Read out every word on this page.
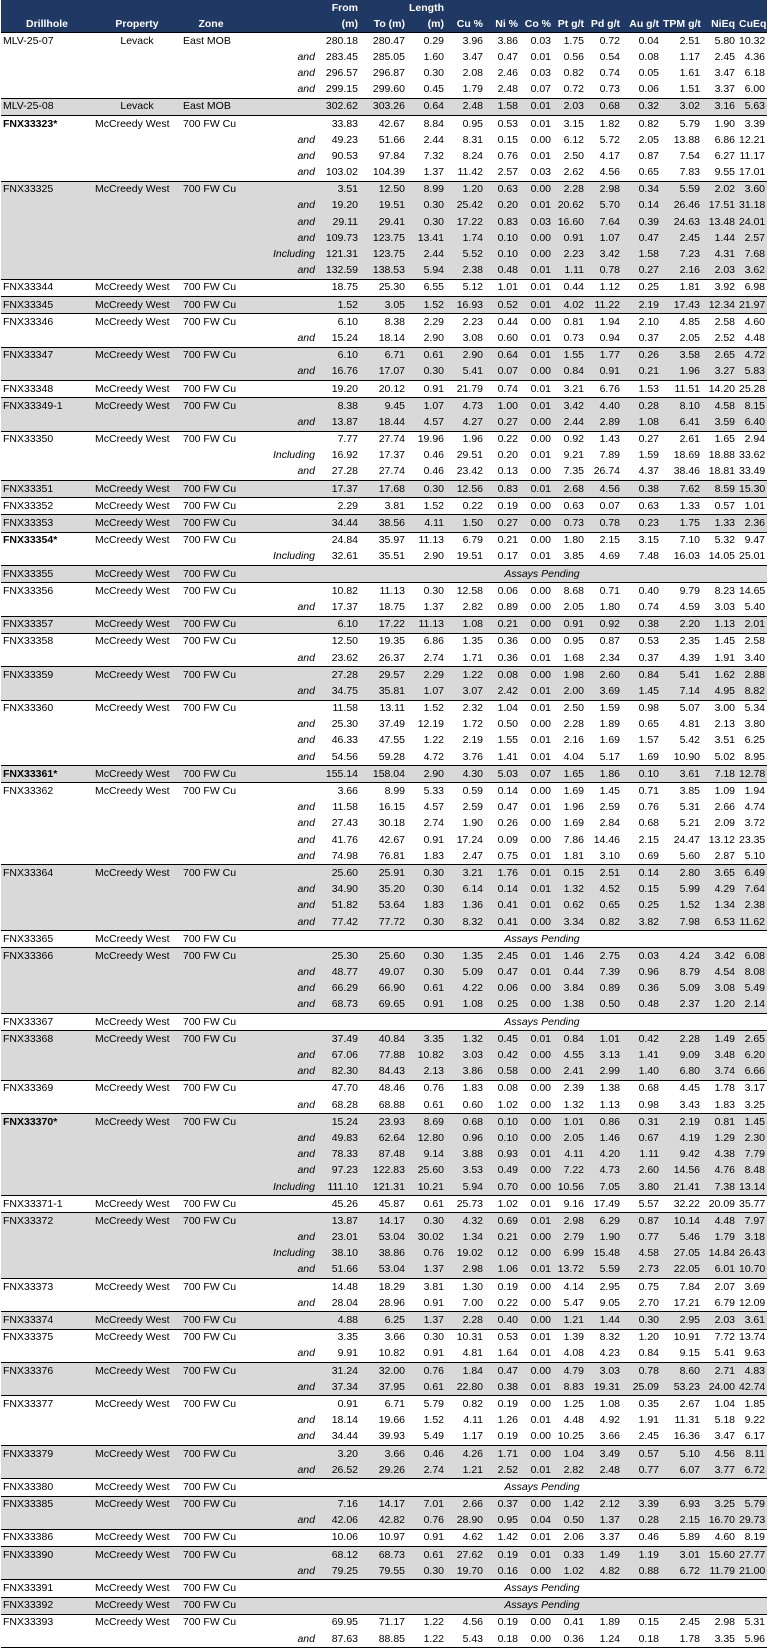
				From		Length									
Drillhole	Property	Zone		(m)	To (m)	(m)	Cu %	Ni %	Co %	Pt g/t	Pd g/t	Au g/t	TPM g/t	NiEq	CuEq
MLV-25-07	Levack	East MOB		280.18	280.47	0.29	3.96	3.86	0.03	1.75	0.72	0.04	2.51	5.80	10.32
			and	283.45	285.05	1.60	3.47	0.47	0.01	0.56	0.54	0.08	1.17	2.45	4.36
			and	296.57	296.87	0.30	2.08	2.46	0.03	0.82	0.74	0.05	1.61	3.47	6.18
			and	299.15	299.60	0.45	1.79	2.48	0.07	0.72	0.73	0.06	1.51	3.37	6.00
MLV-25-08	Levack	East MOB		302.62	303.26	0.64	2.48	1.58	0.01	2.03	0.68	0.32	3.02	3.16	5.63
FNX33323*	McCreedy West	700 FW Cu		33.83	42.67	8.84	0.95	0.53	0.01	3.15	1.82	0.82	5.79	1.90	3.39
			and	49.23	51.66	2.44	8.31	0.15	0.00	6.12	5.72	2.05	13.88	6.86	12.21
			and	90.53	97.84	7.32	8.24	0.76	0.01	2.50	4.17	0.87	7.54	6.27	11.17
			and	103.02	104.39	1.37	11.42	2.57	0.03	2.62	4.56	0.65	7.83	9.55	17.01
FNX33325	McCreedy West	700 FW Cu		3.51	12.50	8.99	1.20	0.63	0.00	2.28	2.98	0.34	5.59	2.02	3.60
			and	19.20	19.51	0.30	25.42	0.20	0.01	20.62	5.70	0.14	26.46	17.51	31.18
			and	29.11	29.41	0.30	17.22	0.83	0.03	16.60	7.64	0.39	24.63	13.48	24.01
			and	109.73	123.75	13.41	1.74	0.10	0.00	0.91	1.07	0.47	2.45	1.44	2.57
			Including	121.31	123.75	2.44	5.52	0.10	0.00	2.23	3.42	1.58	7.23	4.31	7.68
			and	132.59	138.53	5.94	2.38	0.48	0.01	1.11	0.78	0.27	2.16	2.03	3.62
FNX33344	McCreedy West	700 FW Cu		18.75	25.30	6.55	5.12	1.01	0.01	0.44	1.12	0.25	1.81	3.92	6.98
FNX33345	McCreedy West	700 FW Cu		1.52	3.05	1.52	16.93	0.52	0.01	4.02	11.22	2.19	17.43	12.34	21.97
FNX33346	McCreedy West	700 FW Cu		6.10	8.38	2.29	2.23	0.44	0.00	0.81	1.94	2.10	4.85	2.58	4.60
			and	15.24	18.14	2.90	3.08	0.60	0.01	0.73	0.94	0.37	2.05	2.52	4.48
FNX33347	McCreedy West	700 FW Cu		6.10	6.71	0.61	2.90	0.64	0.01	1.55	1.77	0.26	3.58	2.65	4.72
			and	16.76	17.07	0.30	5.41	0.07	0.00	0.84	0.91	0.21	1.96	3.27	5.83
FNX33348	McCreedy West	700 FW Cu		19.20	20.12	0.91	21.79	0.74	0.01	3.21	6.76	1.53	11.51	14.20	25.28
FNX33349-1	McCreedy West	700 FW Cu		8.38	9.45	1.07	4.73	1.00	0.01	3.42	4.40	0.28	8.10	4.58	8.15
			and	13.87	18.44	4.57	4.27	0.27	0.00	2.44	2.89	1.08	6.41	3.59	6.40
FNX33350	McCreedy West	700 FW Cu		7.77	27.74	19.96	1.96	0.22	0.00	0.92	1.43	0.27	2.61	1.65	2.94
			Including	16.92	17.37	0.46	29.51	0.20	0.01	9.21	7.89	1.59	18.69	18.88	33.62
			and	27.28	27.74	0.46	23.42	0.13	0.00	7.35	26.74	4.37	38.46	18.81	33.49
FNX33351	McCreedy West	700 FW Cu		17.37	17.68	0.30	12.56	0.83	0.01	2.68	4.56	0.38	7.62	8.59	15.30
FNX33352	McCreedy West	700 FW Cu		2.29	3.81	1.52	0.22	0.19	0.00	0.63	0.07	0.63	1.33	0.57	1.01
FNX33353	McCreedy West	700 FW Cu		34.44	38.56	4.11	1.50	0.27	0.00	0.73	0.78	0.23	1.75	1.33	2.36
FNX33354*	McCreedy West	700 FW Cu		24.84	35.97	11.13	6.79	0.21	0.00	1.80	2.15	3.15	7.10	5.32	9.47
			Including	32.61	35.51	2.90	19.51	0.17	0.01	3.85	4.69	7.48	16.03	14.05	25.01
FNX33355	McCreedy West	700 FW Cu		Assays Pending											
FNX33356	McCreedy West	700 FW Cu		10.82	11.13	0.30	12.58	0.06	0.00	8.68	0.71	0.40	9.79	8.23	14.65
			and	17.37	18.75	1.37	2.82	0.89	0.00	2.05	1.80	0.74	4.59	3.03	5.40
FNX33357	McCreedy West	700 FW Cu		6.10	17.22	11.13	1.08	0.21	0.00	0.91	0.92	0.38	2.20	1.13	2.01
FNX33358	McCreedy West	700 FW Cu		12.50	19.35	6.86	1.35	0.36	0.00	0.95	0.87	0.53	2.35	1.45	2.58
			and	23.62	26.37	2.74	1.71	0.36	0.01	1.68	2.34	0.37	4.39	1.91	3.40
FNX33359	McCreedy West	700 FW Cu		27.28	29.57	2.29	1.22	0.08	0.00	1.98	2.60	0.84	5.41	1.62	2.88
			and	34.75	35.81	1.07	3.07	2.42	0.01	2.00	3.69	1.45	7.14	4.95	8.82
FNX33360	McCreedy West	700 FW Cu		11.58	13.11	1.52	2.32	1.04	0.01	2.50	1.59	0.98	5.07	3.00	5.34
			and	25.30	37.49	12.19	1.72	0.50	0.00	2.28	1.89	0.65	4.81	2.13	3.80
			and	46.33	47.55	1.22	2.19	1.55	0.01	2.16	1.69	1.57	5.42	3.51	6.25
			and	54.56	59.28	4.72	3.76	1.41	0.01	4.04	5.17	1.69	10.90	5.02	8.95
FNX33361*	McCreedy West	700 FW Cu		155.14	158.04	2.90	4.30	5.03	0.07	1.65	1.86	0.10	3.61	7.18	12.78
FNX33362	McCreedy West	700 FW Cu		3.66	8.99	5.33	0.59	0.14	0.00	1.69	1.45	0.71	3.85	1.09	1.94
			and	11.58	16.15	4.57	2.59	0.47	0.01	1.96	2.59	0.76	5.31	2.66	4.74
			and	27.43	30.18	2.74	1.90	0.26	0.00	1.69	2.84	0.68	5.21	2.09	3.72
			and	41.76	42.67	0.91	17.24	0.09	0.00	7.86	14.46	2.15	24.47	13.12	23.35
			and	74.98	76.81	1.83	2.47	0.75	0.01	1.81	3.10	0.69	5.60	2.87	5.10
FNX33364	McCreedy West	700 FW Cu		25.60	25.91	0.30	3.21	1.76	0.01	0.15	2.51	0.14	2.80	3.65	6.49
			and	34.90	35.20	0.30	6.14	0.14	0.01	1.32	4.52	0.15	5.99	4.29	7.64
			and	51.82	53.64	1.83	1.36	0.41	0.01	0.62	0.65	0.25	1.52	1.34	2.38
			and	77.42	77.72	0.30	8.32	0.41	0.00	3.34	0.82	3.82	7.98	6.53	11.62
FNX33365	McCreedy West	700 FW Cu		Assays Pending											
FNX33366	McCreedy West	700 FW Cu		25.30	25.60	0.30	1.35	2.45	0.01	1.46	2.75	0.03	4.24	3.42	6.08
			and	48.77	49.07	0.30	5.09	0.47	0.01	0.44	7.39	0.96	8.79	4.54	8.08
			and	66.29	66.90	0.61	4.22	0.06	0.00	3.84	0.89	0.36	5.09	3.08	5.49
			and	68.73	69.65	0.91	1.08	0.25	0.00	1.38	0.50	0.48	2.37	1.20	2.14
FNX33367	McCreedy West	700 FW Cu		Assays Pending											
FNX33368	McCreedy West	700 FW Cu		37.49	40.84	3.35	1.32	0.45	0.01	0.84	1.01	0.42	2.28	1.49	2.65
			and	67.06	77.88	10.82	3.03	0.42	0.00	4.55	3.13	1.41	9.09	3.48	6.20
			and	82.30	84.43	2.13	3.86	0.58	0.00	2.41	2.99	1.40	6.80	3.74	6.66
FNX33369	McCreedy West	700 FW Cu		47.70	48.46	0.76	1.83	0.08	0.00	2.39	1.38	0.68	4.45	1.78	3.17
			and	68.28	68.88	0.61	0.60	1.02	0.00	1.32	1.13	0.98	3.43	1.83	3.25
FNX33370*	McCreedy West	700 FW Cu		15.24	23.93	8.69	0.68	0.10	0.00	1.01	0.86	0.31	2.19	0.81	1.45
			and	49.83	62.64	12.80	0.96	0.10	0.00	2.05	1.46	0.67	4.19	1.29	2.30
			and	78.33	87.48	9.14	3.88	0.93	0.01	4.11	4.20	1.11	9.42	4.38	7.79
			and	97.23	122.83	25.60	3.53	0.49	0.00	7.22	4.73	2.60	14.56	4.76	8.48
			Including	111.10	121.31	10.21	5.94	0.70	0.00	10.56	7.05	3.80	21.41	7.38	13.14
FNX33371-1	McCreedy West	700 FW Cu		45.26	45.87	0.61	25.73	1.02	0.01	9.16	17.49	5.57	32.22	20.09	35.77
FNX33372	McCreedy West	700 FW Cu		13.87	14.17	0.30	4.32	0.69	0.01	2.98	6.29	0.87	10.14	4.48	7.97
			and	23.01	53.04	30.02	1.34	0.21	0.00	2.79	1.90	0.77	5.46	1.79	3.18
			Including	38.10	38.86	0.76	19.02	0.12	0.00	6.99	15.48	4.58	27.05	14.84	26.43
			and	51.66	53.04	1.37	2.98	1.06	0.01	13.72	5.59	2.73	22.05	6.01	10.70
FNX33373	McCreedy West	700 FW Cu		14.48	18.29	3.81	1.30	0.19	0.00	4.14	2.95	0.75	7.84	2.07	3.69
			and	28.04	28.96	0.91	7.00	0.22	0.00	5.47	9.05	2.70	17.21	6.79	12.09
FNX33374	McCreedy West	700 FW Cu		4.88	6.25	1.37	2.28	0.40	0.00	1.21	1.44	0.30	2.95	2.03	3.61
FNX33375	McCreedy West	700 FW Cu		3.35	3.66	0.30	10.31	0.53	0.01	1.39	8.32	1.20	10.91	7.72	13.74
			and	9.91	10.82	0.91	4.81	1.64	0.01	4.08	4.23	0.84	9.15	5.41	9.63
FNX33376	McCreedy West	700 FW Cu		31.24	32.00	0.76	1.84	0.47	0.00	4.79	3.03	0.78	8.60	2.71	4.83
			and	37.34	37.95	0.61	22.80	0.38	0.01	8.83	19.31	25.09	53.23	24.00	42.74
FNX33377	McCreedy West	700 FW Cu		0.91	6.71	5.79	0.82	0.19	0.00	1.25	1.08	0.35	2.67	1.04	1.85
			and	18.14	19.66	1.52	4.11	1.26	0.01	4.48	4.92	1.91	11.31	5.18	9.22
			and	34.44	39.93	5.49	1.17	0.19	0.00	10.25	3.66	2.45	16.36	3.47	6.17
FNX33379	McCreedy West	700 FW Cu		3.20	3.66	0.46	4.26	1.71	0.00	1.04	3.49	0.57	5.10	4.56	8.11
			and	26.52	29.26	2.74	1.21	2.52	0.01	2.82	2.48	0.77	6.07	3.77	6.72
FNX33380	McCreedy West	700 FW Cu		Assays Pending											
FNX33385	McCreedy West	700 FW Cu		7.16	14.17	7.01	2.66	0.37	0.00	1.42	2.12	3.39	6.93	3.25	5.79
			and	42.06	42.82	0.76	28.90	0.95	0.04	0.50	1.37	0.28	2.15	16.70	29.73
FNX33386	McCreedy West	700 FW Cu		10.06	10.97	0.91	4.62	1.42	0.01	2.06	3.37	0.46	5.89	4.60	8.19
FNX33390	McCreedy West	700 FW Cu		68.12	68.73	0.61	27.62	0.19	0.01	0.33	1.49	1.19	3.01	15.60	27.77
			and	79.25	79.55	0.30	19.70	0.16	0.00	1.02	4.82	0.88	6.72	11.79	21.00
FNX33391	McCreedy West	700 FW Cu		Assays Pending											
FNX33392	McCreedy West	700 FW Cu		Assays Pending											
FNX33393	McCreedy West	700 FW Cu		69.95	71.17	1.22	4.56	0.19	0.00	0.41	1.89	0.15	2.45	2.98	5.31
			and	87.63	88.85	1.22	5.43	0.18	0.00	0.36	1.24	0.18	1.78	3.35	5.96
